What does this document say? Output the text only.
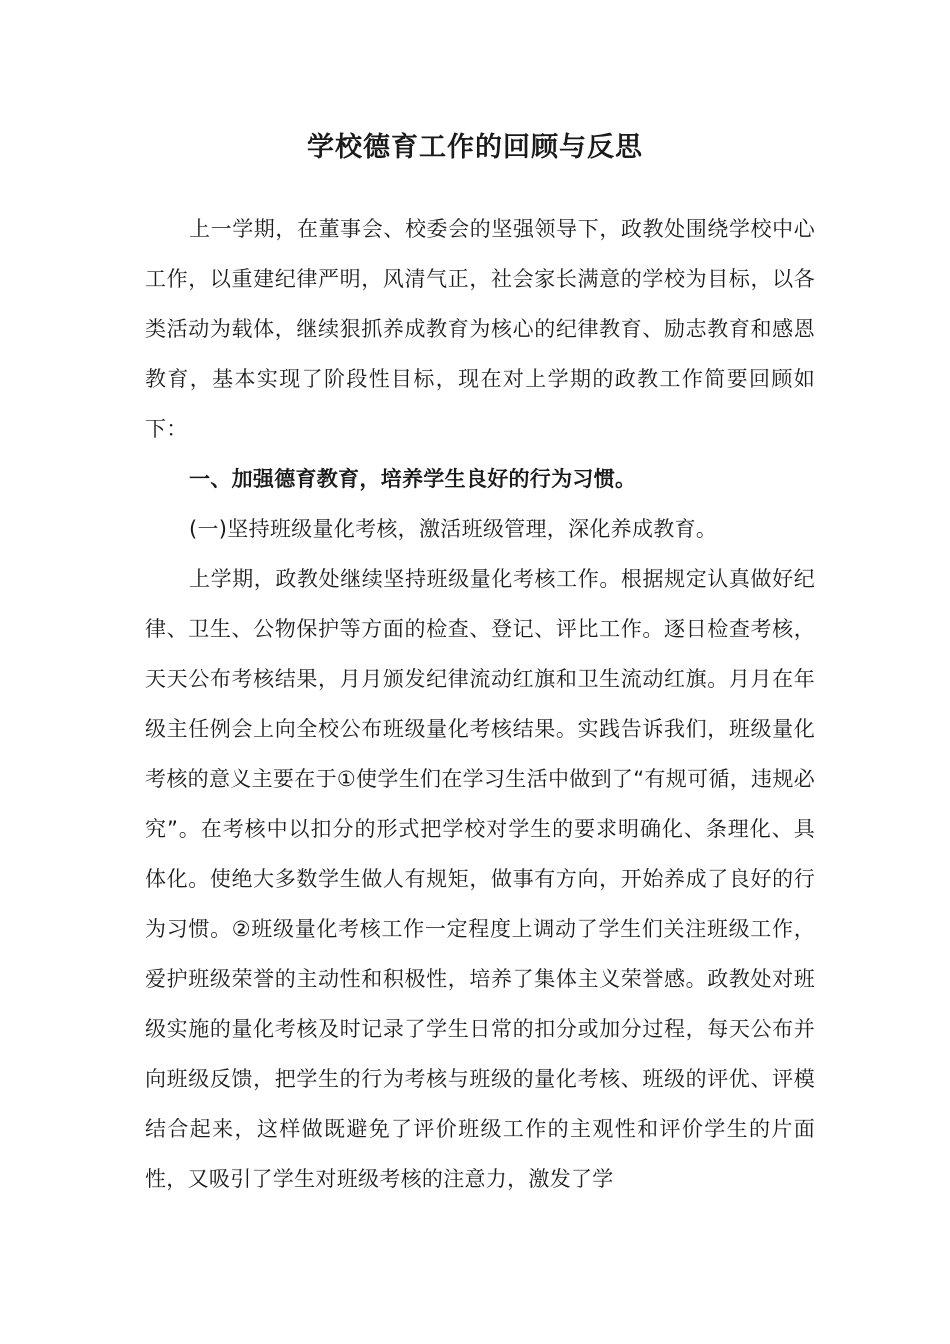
学校德育工作的回顾与反思

上一学期，在董事会、校委会的坚强领导下，政教处围绕学校中心工作，以重建纪律严明，风清气正，社会家长满意的学校为目标，以各类活动为载体，继续狠抓养成教育为核心的纪律教育、励志教育和感恩教育，基本实现了阶段性目标，现在对上学期的政教工作简要回顾如下：

一、加强德育教育，培养学生良好的行为习惯。

(一)坚持班级量化考核，激活班级管理，深化养成教育。

上学期，政教处继续坚持班级量化考核工作。根据规定认真做好纪律、卫生、公物保护等方面的检查、登记、评比工作。逐日检查考核，天天公布考核结果，月月颁发纪律流动红旗和卫生流动红旗。月月在年级主任例会上向全校公布班级量化考核结果。实践告诉我们，班级量化考核的意义主要在于①使学生们在学习生活中做到了“有规可循，违规必究”。在考核中以扣分的形式把学校对学生的要求明确化、条理化、具体化。使绝大多数学生做人有规矩，做事有方向，开始养成了良好的行为习惯。②班级量化考核工作一定程度上调动了学生们关注班级工作，爱护班级荣誉的主动性和积极性，培养了集体主义荣誉感。政教处对班级实施的量化考核及时记录了学生日常的扣分或加分过程，每天公布并向班级反馈，把学生的行为考核与班级的量化考核、班级的评优、评模结合起来，这样做既避免了评价班级工作的主观性和评价学生的片面性，又吸引了学生对班级考核的注意力，激发了学
